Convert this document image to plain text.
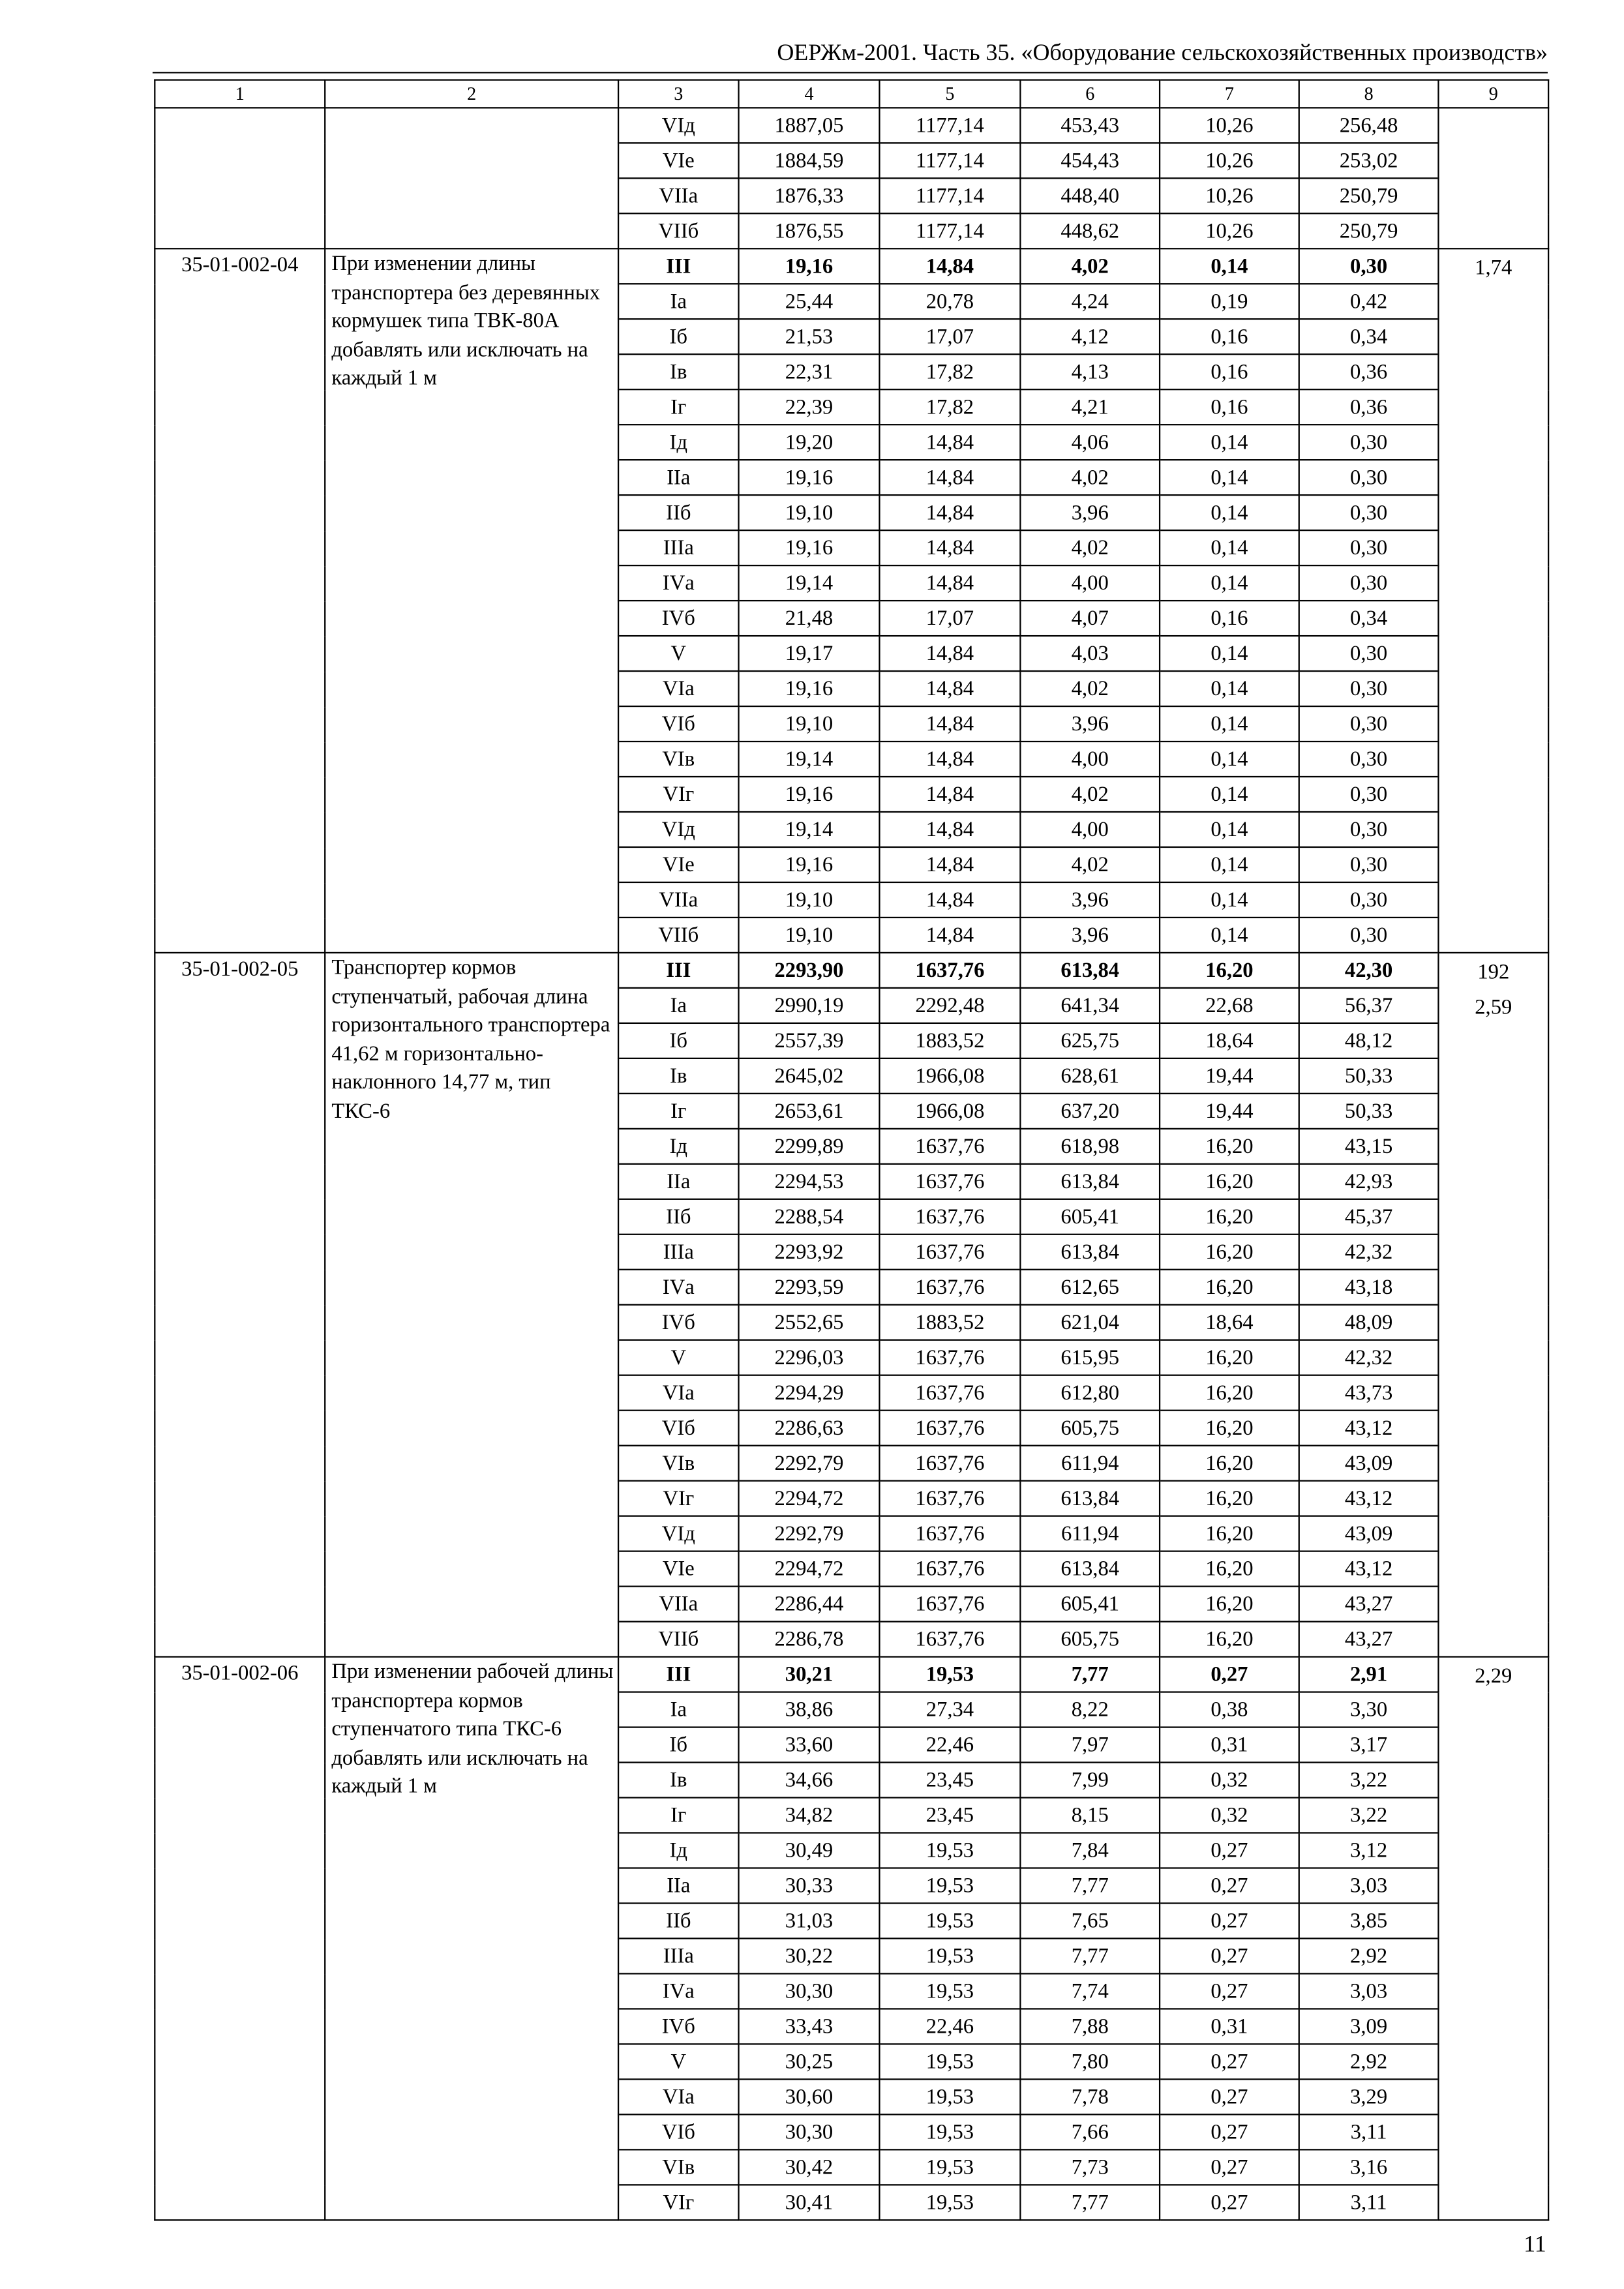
ОЕРЖм-2001. Часть 35. «Оборудование сельскохозяйственных производств»
1	2	3	4	5	6	7	8	9
		VIд	1887,05	1177,14	453,43	10,26	256,48	
		VIе	1884,59	1177,14	454,43	10,26	253,02	
		VIIа	1876,33	1177,14	448,40	10,26	250,79	
		VIIб	1876,55	1177,14	448,62	10,26	250,79	
35-01-002-04	При изменении длины транспортера без деревянных кормушек типа ТВК-80А добавлять или исключать на каждый 1 м	III	19,16	14,84	4,02	0,14	0,30	1,74

		Iа	25,44	20,78	4,24	0,19	0,42	
		Iб	21,53	17,07	4,12	0,16	0,34	
		Iв	22,31	17,82	4,13	0,16	0,36	
		Iг	22,39	17,82	4,21	0,16	0,36	
		Iд	19,20	14,84	4,06	0,14	0,30	
		IIа	19,16	14,84	4,02	0,14	0,30	
		IIб	19,10	14,84	3,96	0,14	0,30	
		IIIа	19,16	14,84	4,02	0,14	0,30	
		IVа	19,14	14,84	4,00	0,14	0,30	
		IVб	21,48	17,07	4,07	0,16	0,34	
		V	19,17	14,84	4,03	0,14	0,30	
		VIа	19,16	14,84	4,02	0,14	0,30	
		VIб	19,10	14,84	3,96	0,14	0,30	
		VIв	19,14	14,84	4,00	0,14	0,30	
		VIг	19,16	14,84	4,02	0,14	0,30	
		VIд	19,14	14,84	4,00	0,14	0,30	
		VIе	19,16	14,84	4,02	0,14	0,30	
		VIIа	19,10	14,84	3,96	0,14	0,30	
		VIIб	19,10	14,84	3,96	0,14	0,30	
35-01-002-05	Транспортер кормов ступенчатый, рабочая длина горизонтального транспортера 41,62 м горизонтально-наклонного 14,77 м, тип ТКС-6	III	2293,90	1637,76	613,84	16,20	42,30	192
2,59

		Iа	2990,19	2292,48	641,34	22,68	56,37	
		Iб	2557,39	1883,52	625,75	18,64	48,12	
		Iв	2645,02	1966,08	628,61	19,44	50,33	
		Iг	2653,61	1966,08	637,20	19,44	50,33	
		Iд	2299,89	1637,76	618,98	16,20	43,15	
		IIа	2294,53	1637,76	613,84	16,20	42,93	
		IIб	2288,54	1637,76	605,41	16,20	45,37	
		IIIа	2293,92	1637,76	613,84	16,20	42,32	
		IVа	2293,59	1637,76	612,65	16,20	43,18	
		IVб	2552,65	1883,52	621,04	18,64	48,09	
		V	2296,03	1637,76	615,95	16,20	42,32	
		VIа	2294,29	1637,76	612,80	16,20	43,73	
		VIб	2286,63	1637,76	605,75	16,20	43,12	
		VIв	2292,79	1637,76	611,94	16,20	43,09	
		VIг	2294,72	1637,76	613,84	16,20	43,12	
		VIд	2292,79	1637,76	611,94	16,20	43,09	
		VIе	2294,72	1637,76	613,84	16,20	43,12	
		VIIа	2286,44	1637,76	605,41	16,20	43,27	
		VIIб	2286,78	1637,76	605,75	16,20	43,27	
35-01-002-06	При изменении рабочей длины транспортера кормов ступенчатого типа ТКС-6 добавлять или исключать на каждый 1 м	III	30,21	19,53	7,77	0,27	2,91	2,29

		Iа	38,86	27,34	8,22	0,38	3,30	
		Iб	33,60	22,46	7,97	0,31	3,17	
		Iв	34,66	23,45	7,99	0,32	3,22	
		Iг	34,82	23,45	8,15	0,32	3,22	
		Iд	30,49	19,53	7,84	0,27	3,12	
		IIа	30,33	19,53	7,77	0,27	3,03	
		IIб	31,03	19,53	7,65	0,27	3,85	
		IIIа	30,22	19,53	7,77	0,27	2,92	
		IVа	30,30	19,53	7,74	0,27	3,03	
		IVб	33,43	22,46	7,88	0,31	3,09	
		V	30,25	19,53	7,80	0,27	2,92	
		VIа	30,60	19,53	7,78	0,27	3,29	
		VIб	30,30	19,53	7,66	0,27	3,11	
		VIв	30,42	19,53	7,73	0,27	3,16	
		VIг	30,41	19,53	7,77	0,27	3,11	
11
